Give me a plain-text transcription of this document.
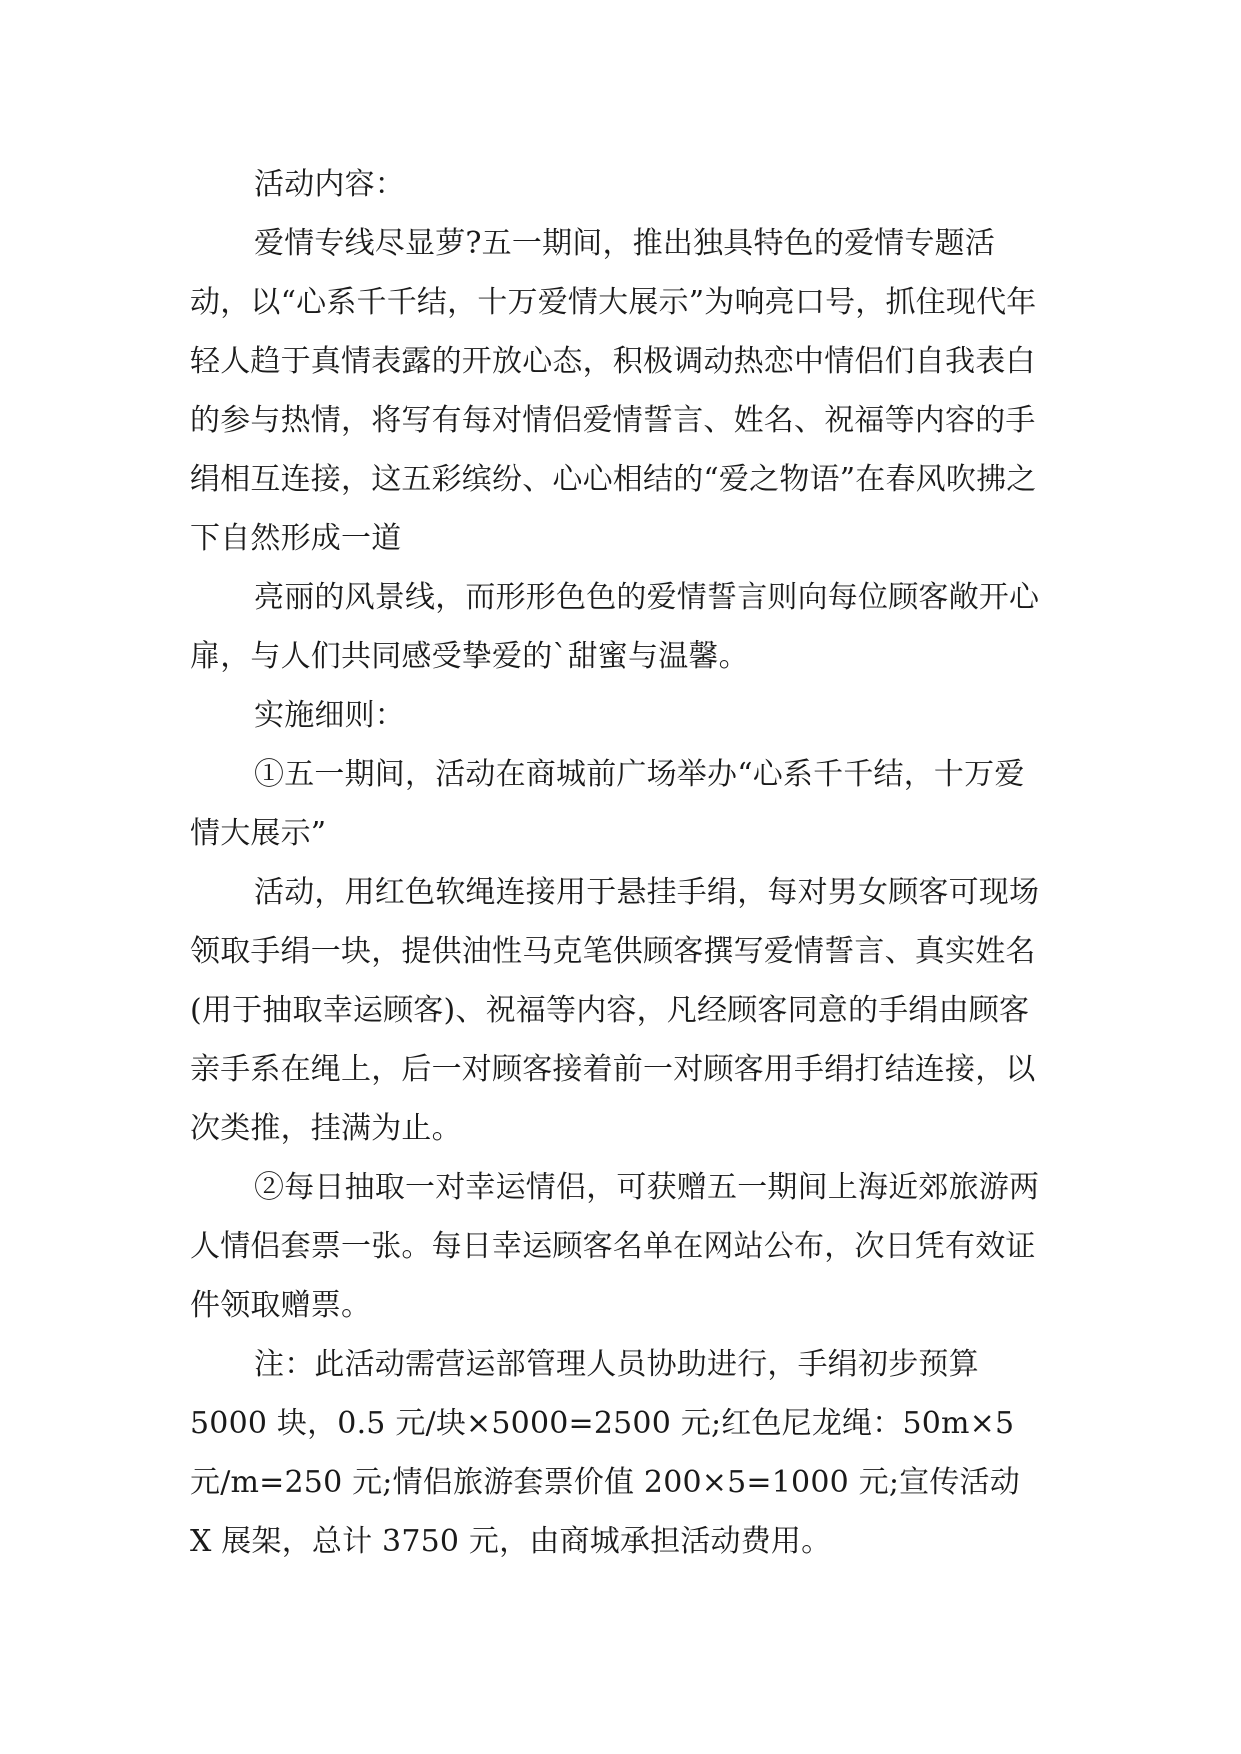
活动内容：

爱情专线尽显萝?五一期间，推出独具特色的爱情专题活动，以“心系千千结，十万爱情大展示”为响亮口号，抓住现代年轻人趋于真情表露的开放心态，积极调动热恋中情侣们自我表白的参与热情，将写有每对情侣爱情誓言、姓名、祝福等内容的手绢相互连接，这五彩缤纷、心心相结的“爱之物语”在春风吹拂之下自然形成一道

亮丽的风景线，而形形色色的爱情誓言则向每位顾客敞开心扉，与人们共同感受挚爱的`甜蜜与温馨。

实施细则：

①五一期间，活动在商城前广场举办“心系千千结，十万爱情大展示”

活动，用红色软绳连接用于悬挂手绢，每对男女顾客可现场领取手绢一块，提供油性马克笔供顾客撰写爱情誓言、真实姓名(用于抽取幸运顾客)、祝福等内容，凡经顾客同意的手绢由顾客亲手系在绳上，后一对顾客接着前一对顾客用手绢打结连接，以次类推，挂满为止。

②每日抽取一对幸运情侣，可获赠五一期间上海近郊旅游两人情侣套票一张。每日幸运顾客名单在网站公布，次日凭有效证件领取赠票。

注：此活动需营运部管理人员协助进行，手绢初步预算5000 块，0.5 元/块×5000=2500 元;红色尼龙绳：50m×5 元/m=250 元;情侣旅游套票价值 200×5=1000 元;宣传活动 X 展架，总计 3750 元，由商城承担活动费用。
